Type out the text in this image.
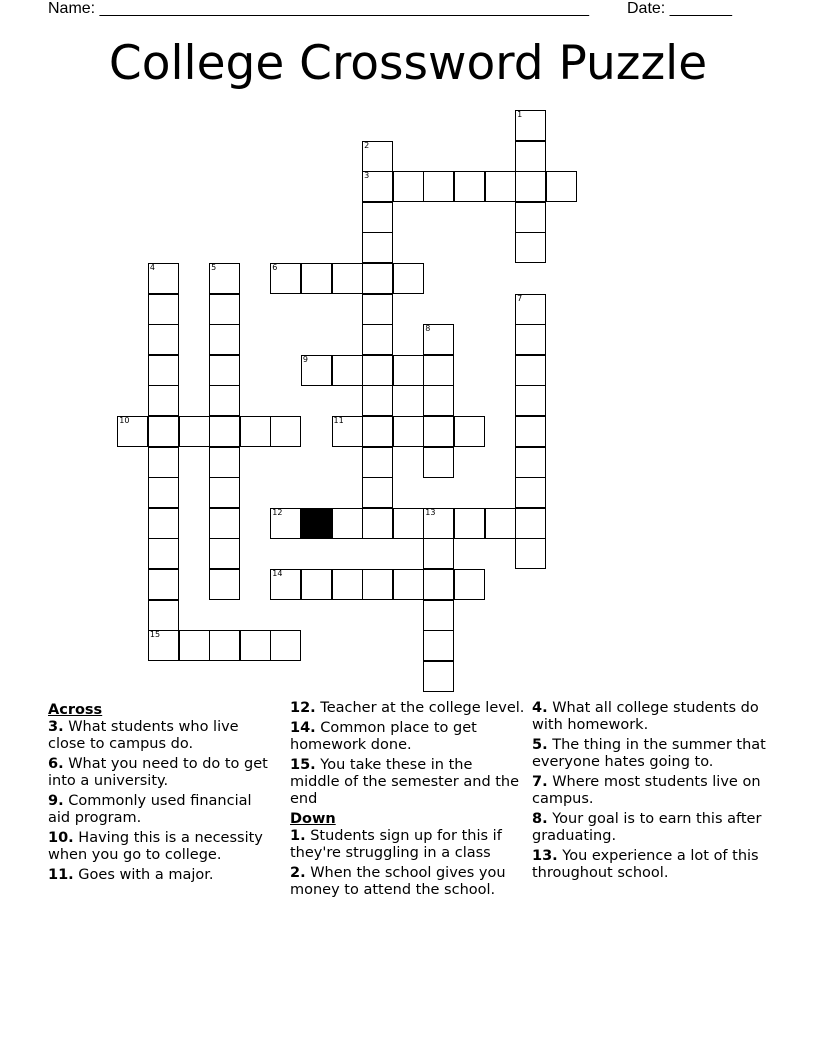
Name: _______________________________________________________ Date: _______
College Crossword Puzzle
1
2
3
4
15
5	6
7
8
9
10	11
12	13
14
Across
3. What students who live close to campus do.
6. What you need to do to get into a university.
9. Commonly used financial aid program.
10. Having this is a necessity when you go to college.
11. Goes with a major.
12. Teacher at the college level.
14. Common place to get homework done.
15. You take these in the middle of the semester and the end
Down
1. Students sign up for this if they're struggling in a class
2. When the school gives you money to attend the school.
4. What all college students do with homework.
5. The thing in the summer that everyone hates going to.
7. Where most students live on campus.
8. Your goal is to earn this after graduating.
13. You experience a lot of this throughout school.
